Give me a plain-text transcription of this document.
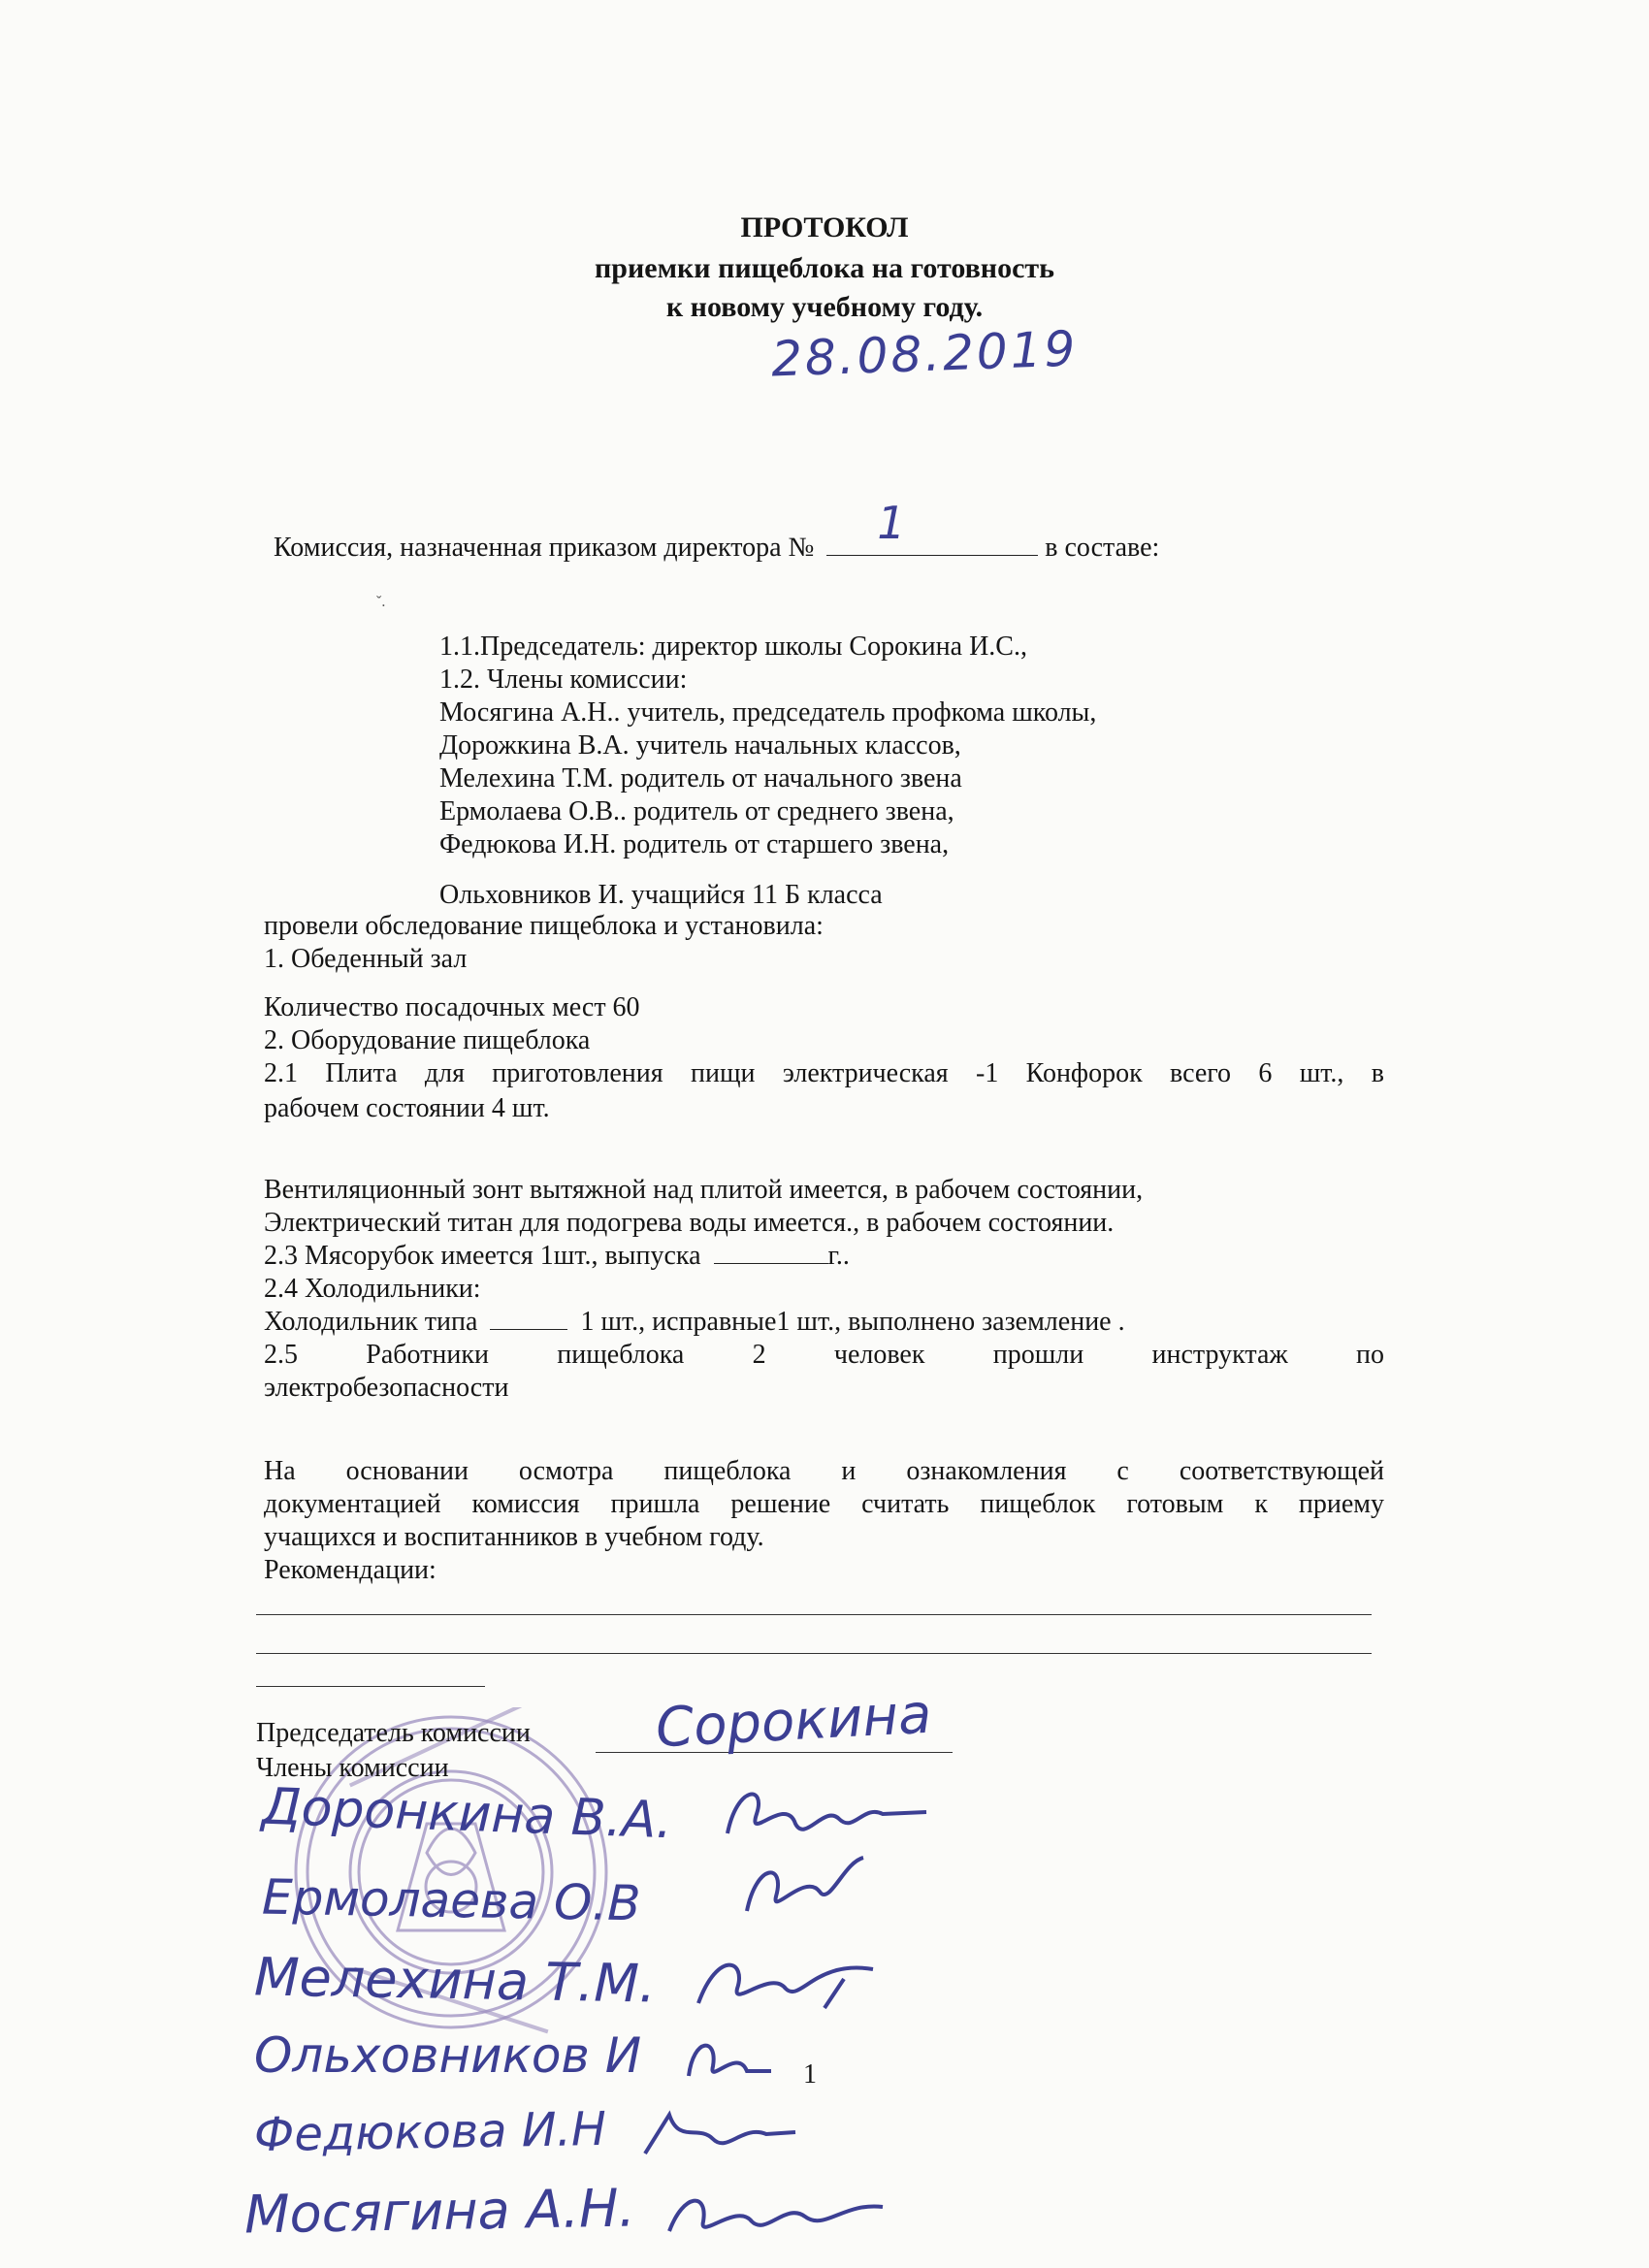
ПРОТОКОЛ
приемки пищеблока на готовность
к новому учебному году.
28.08.2019
Комиссия, назначенная приказом директора № 1	в составе:
ˇ.
1.1.Председатель: директор школы Сорокина И.С.,
1.2. Члены комиссии:
Мосягина А.Н.. учитель, председатель профкома школы,
Дорожкина В.А. учитель начальных классов,
Мелехина Т.М. родитель от начального звена
Ермолаева О.В.. родитель от среднего звена,
Федюкова И.Н. родитель от старшего звена,
Ольховников И. учащийся 11 Б класса
провели обследование пищеблока и установила:
1. Обеденный зал
Количество посадочных мест 60
2. Оборудование пищеблока
2.1 Плита для приготовления пищи электрическая -1 Конфорок всего 6 шт., в
рабочем состоянии 4 шт.
Вентиляционный зонт вытяжной над плитой имеется, в рабочем состоянии,
Электрический титан для подогрева воды имеется., в рабочем состоянии.
2.3 Мясорубок имеется 1шт., выпуска	г..
2.4 Холодильники:
Холодильник типа	1 шт., исправные1 шт., выполнено заземление .
2.5 Работники пищеблока 2 человек прошли инструктаж по
электробезопасности
На основании осмотра пищеблока и ознакомления с соответствующей
документацией комиссия пришла решение считать пищеблок готовым к приему
учащихся и воспитанников в учебном году.
Рекомендации:
Председатель комиссии Сорокина
Члены комиссии
Доронкина В.А.
Ермолаева О.В
Мелехина Т.М.
Ольховников И
Федюкова И.Н
Мосягина А.Н.
1
